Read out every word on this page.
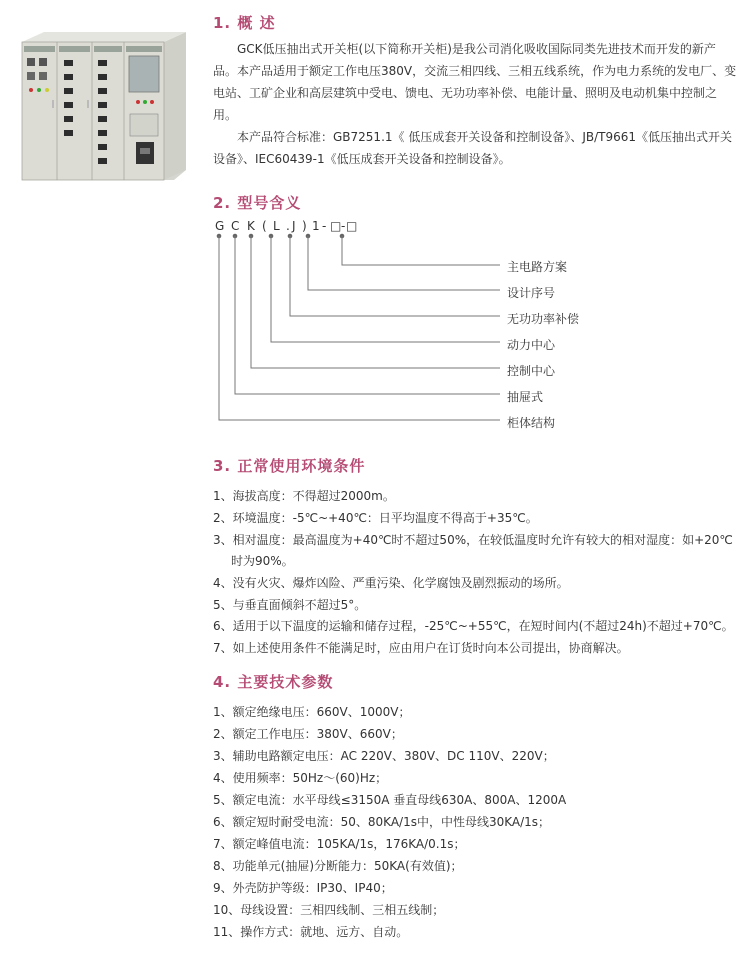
1. 概 述
GCK低压抽出式开关柜(以下简称开关柜)是我公司消化吸收国际同类先进技术而开发的新产品。本产品适用于额定工作电压380V，交流三相四线、三相五线系统，作为电力系统的发电厂、变电站、工矿企业和高层建筑中受电、馈电、无功功率补偿、电能计量、照明及电动机集中控制之用。
本产品符合标准：GB7251.1《 低压成套开关设备和控制设备》、JB/T9661《低压抽出式开关设备》、IEC60439-1《低压成套开关设备和控制设备》。
2. 型号含义
G C K ( L . J ) 1 - □ - □
主电路方案
设计序号
无功功率补偿
动力中心
控制中心
抽屉式
柜体结构
3. 正常使用环境条件
1、海拔高度：不得超过2000m。
2、环境温度：-5℃~+40℃：日平均温度不得高于+35℃。
3、相对温度：最高温度为+40℃时不超过50%，在较低温度时允许有较大的相对湿度：如+20℃
时为90%。
4、没有火灾、爆炸凶险、严重污染、化学腐蚀及剧烈振动的场所。
5、与垂直面倾斜不超过5°。
6、适用于以下温度的运输和储存过程，-25℃~+55℃，在短时间内(不超过24h)不超过+70℃。
7、如上述使用条件不能满足时，应由用户在订货时向本公司提出，协商解决。
4. 主要技术参数
1、额定绝缘电压：660V、1000V；
2、额定工作电压：380V、660V；
3、辅助电路额定电压：AC 220V、380V、DC 110V、220V；
4、使用频率：50Hz～(60)Hz；
5、额定电流：水平母线≤3150A 垂直母线630A、800A、1200A
6、额定短时耐受电流：50、80KA/1s中，中性母线30KA/1s；
7、额定峰值电流：105KA/1s，176KA/0.1s；
8、功能单元(抽屉)分断能力：50KA(有效值)；
9、外壳防护等级：IP30、IP40；
10、母线设置：三相四线制、三相五线制；
11、操作方式：就地、远方、自动。
